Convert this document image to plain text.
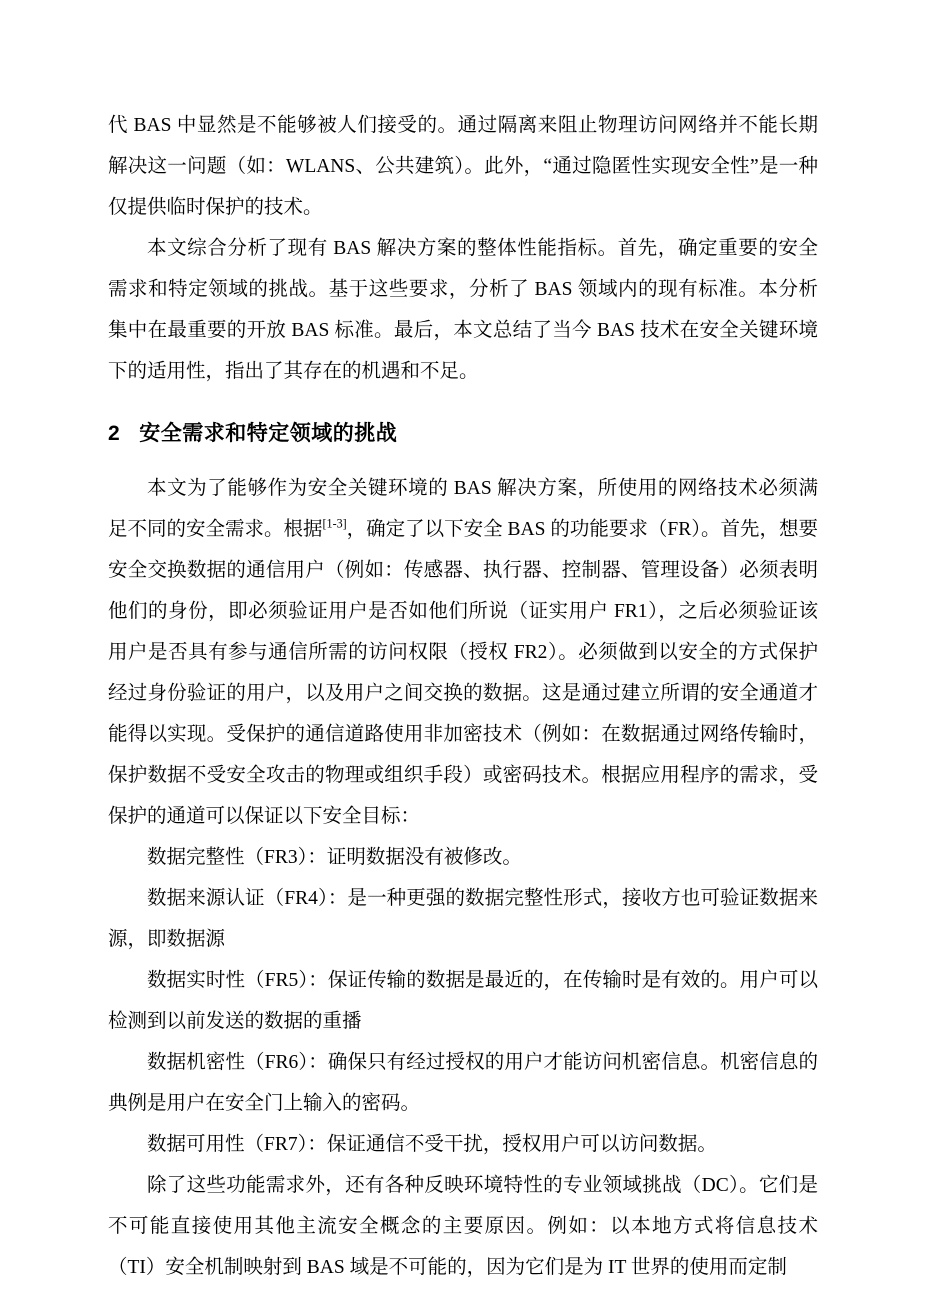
代 BAS 中显然是不能够被人们接受的。通过隔离来阻止物理访问网络并不能长期解决这一问题（如：WLANS、公共建筑）。此外，“通过隐匿性实现安全性”是一种仅提供临时保护的技术。

本文综合分析了现有 BAS 解决方案的整体性能指标。首先，确定重要的安全需求和特定领域的挑战。基于这些要求，分析了 BAS 领域内的现有标准。本分析集中在最重要的开放 BAS 标准。最后，本文总结了当今 BAS 技术在安全关键环境下的适用性，指出了其存在的机遇和不足。

2 安全需求和特定领域的挑战

本文为了能够作为安全关键环境的 BAS 解决方案，所使用的网络技术必须满足不同的安全需求。根据[1-3]，确定了以下安全 BAS 的功能要求（FR）。首先，想要安全交换数据的通信用户（例如：传感器、执行器、控制器、管理设备）必须表明他们的身份，即必须验证用户是否如他们所说（证实用户 FR1），之后必须验证该用户是否具有参与通信所需的访问权限（授权 FR2）。必须做到以安全的方式保护经过身份验证的用户，以及用户之间交换的数据。这是通过建立所谓的安全通道才能得以实现。受保护的通信道路使用非加密技术（例如：在数据通过网络传输时，保护数据不受安全攻击的物理或组织手段）或密码技术。根据应用程序的需求，受保护的通道可以保证以下安全目标：

数据完整性（FR3）：证明数据没有被修改。

数据来源认证（FR4）：是一种更强的数据完整性形式，接收方也可验证数据来源，即数据源

数据实时性（FR5）：保证传输的数据是最近的，在传输时是有效的。用户可以检测到以前发送的数据的重播

数据机密性（FR6）：确保只有经过授权的用户才能访问机密信息。机密信息的典例是用户在安全门上输入的密码。

数据可用性（FR7）：保证通信不受干扰，授权用户可以访问数据。

除了这些功能需求外，还有各种反映环境特性的专业领域挑战（DC）。它们是不可能直接使用其他主流安全概念的主要原因。例如：以本地方式将信息技术（TI）安全机制映射到 BAS 域是不可能的，因为它们是为 IT 世界的使用而定制
